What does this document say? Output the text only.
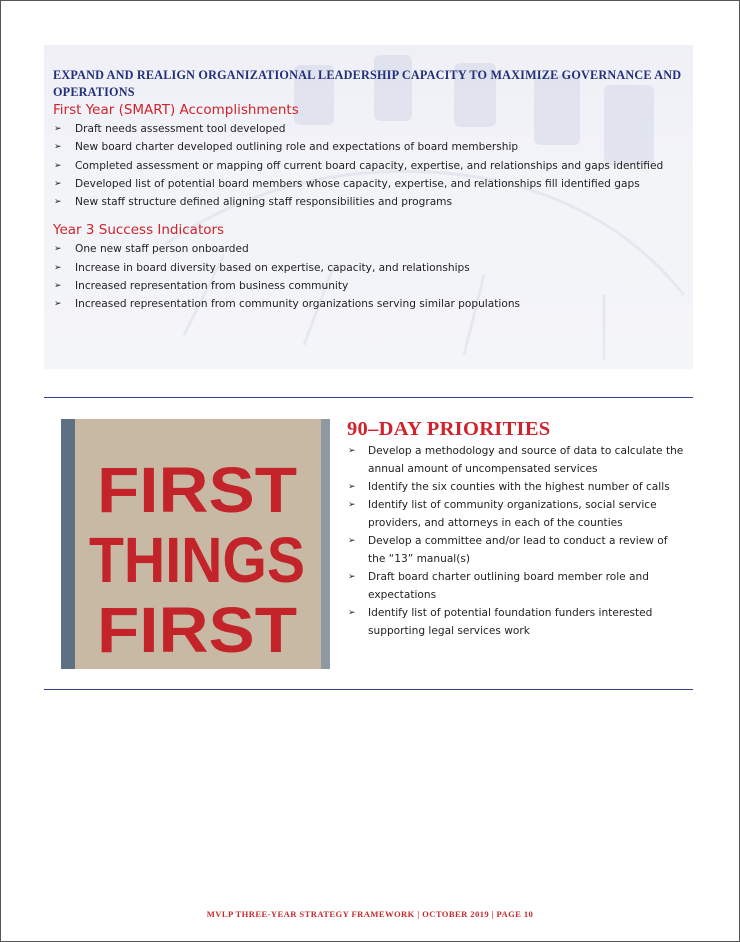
EXPAND AND REALIGN ORGANIZATIONAL LEADERSHIP CAPACITY TO MAXIMIZE GOVERNANCE AND OPERATIONS
First Year (SMART) Accomplishments
➢ Draft needs assessment tool developed
➢ New board charter developed outlining role and expectations of board membership
➢ Completed assessment or mapping off current board capacity, expertise, and relationships and gaps identified
➢ Developed list of potential board members whose capacity, expertise, and relationships fill identified gaps
➢ New staff structure defined aligning staff responsibilities and programs
Year 3 Success Indicators
➢ One new staff person onboarded
➢ Increase in board diversity based on expertise, capacity, and relationships
➢ Increased representation from business community
➢ Increased representation from community organizations serving similar populations
FIRST
THINGS
FIRST
90–DAY PRIORITIES
➢ Develop a methodology and source of data to calculate the annual amount of uncompensated services
➢ Identify the six counties with the highest number of calls
➢ Identify list of community organizations, social service providers, and attorneys in each of the counties
➢ Develop a committee and/or lead to conduct a review of the “13” manual(s)
➢ Draft board charter outlining board member role and expectations
➢ Identify list of potential foundation funders interested supporting legal services work
MVLP THREE-YEAR STRATEGY FRAMEWORK | OCTOBER 2019 | PAGE 10
